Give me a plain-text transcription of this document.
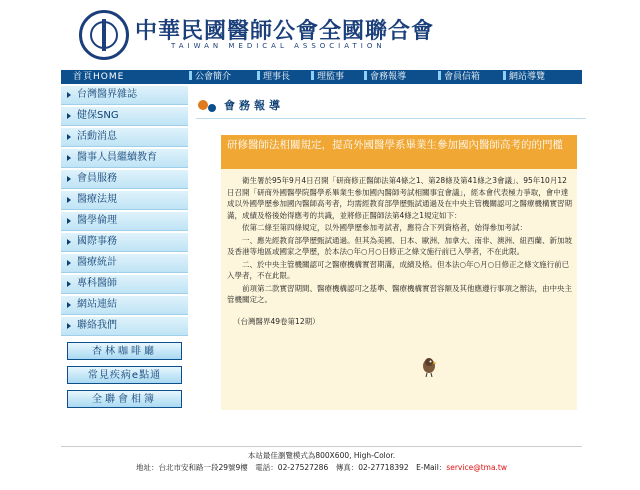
中華民國醫師公會全國聯合會
TAIWAN MEDICAL ASSOCIATION
首頁HOME	公會簡介	理事長	理監事	會務報導	會員信箱	網站導覽
台灣醫界雜誌
健保SNG
活動消息
醫事人員繼續教育
會員服務
醫療法規
醫學倫理
國際事務
醫療統計
專科醫師
網站連結
聯絡我們
杏林咖啡廳
常見疾病e點通
全聯會相簿
會務報導
研修醫師法相關規定，提高外國醫學系畢業生參加國內醫師高考的的門檻

衛生署於95年9月4日召開「研商修正醫師法第4條之1、第28條及第41條之3會議」、95年10月12日召開「研商外國醫學院醫學系畢業生參加國內醫師考試相關事宜會議」，經本會代表極力爭取，會中達成以外國學歷參加國內醫師高考者，均需經教育部學歷甄試通過及在中央主管機關認可之醫療機構實習期滿，成績及格後始得應考的共識，並將修正醫師法第4條之1規定如下：

依第二條至第四條規定，以外國學歷參加考試者，應符合下列資格者，始得參加考試：

一、應先經教育部學歷甄試通過。但其為美國、日本、歐洲、加拿大、南非、澳洲、紐西蘭、新加坡及香港等地區或國家之學歷，於本法○年○月○日修正之條文施行前已入學者，不在此限。

二、於中央主管機關認可之醫療機構實習期滿，成績及格。但本法○年○月○日修正之條文施行前已入學者，不在此限。

前項第二款實習期間、醫療機構認可之基準、醫療機構實習容額及其他應遵行事項之辦法，由中央主管機關定之。

（台灣醫界49卷第12期）

本站最佳瀏覽模式為800X600, High-Color.
地址：台北市安和路一段29號9樓　電話：02-27527286　傳真：02-27718392　E-Mail：service@tma.tw
